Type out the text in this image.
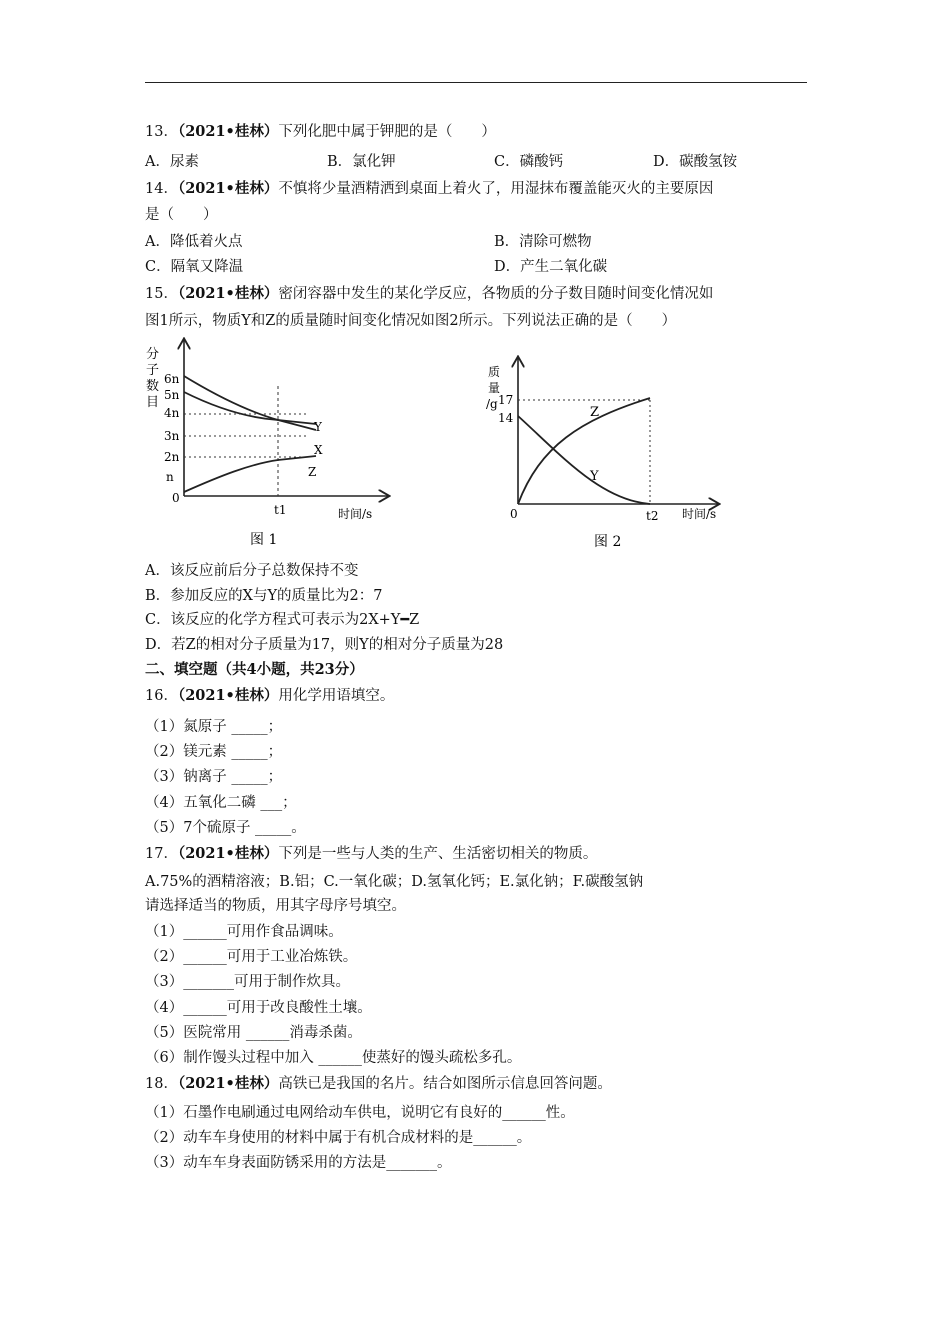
13．（2021•桂林）下列化肥中属于钾肥的是（　　）
A．尿素	B．氯化钾	C．磷酸钙	D．碳酸氢铵
14．（2021•桂林）不慎将少量酒精洒到桌面上着火了，用湿抹布覆盖能灭火的主要原因
是（　　）
A．降低着火点	B．清除可燃物
C．隔氧又降温	D．产生二氧化碳
15．（2021•桂林）密闭容器中发生的某化学反应，各物质的分子数目随时间变化情况如
图1所示，物质Y和Z的质量随时间变化情况如图2所示。下列说法正确的是（　　）
分
子
数
目
6n
5n
4n
3n
2n
n
0
Y
X
Z
t1	时间/s
图 1
质
量
/g 17
14
0
Z
Y
t2 时间/s
图 2
A．该反应前后分子总数保持不变
B．参加反应的X与Y的质量比为2：7
C．该反应的化学方程式可表示为2X+Y━Z
D．若Z的相对分子质量为17，则Y的相对分子质量为28
二、填空题（共4小题，共23分）
16．（2021•桂林）用化学用语填空。
（1）氮原子 _____；
（2）镁元素 _____；
（3）钠离子 _____；
（4）五氧化二磷 ___；
（5）7个硫原子 _____。
17．（2021•桂林）下列是一些与人类的生产、生活密切相关的物质。
A.75%的酒精溶液；B.铝；C.一氧化碳；D.氢氧化钙；E.氯化钠；F.碳酸氢钠
请选择适当的物质，用其字母序号填空。
（1）______可用作食品调味。
（2）______可用于工业冶炼铁。
（3）_______可用于制作炊具。
（4）______可用于改良酸性土壤。
（5）医院常用 ______消毒杀菌。
（6）制作馒头过程中加入 ______使蒸好的馒头疏松多孔。
18．（2021•桂林）高铁已是我国的名片。结合如图所示信息回答问题。
（1）石墨作电刷通过电网给动车供电，说明它有良好的______性。
（2）动车车身使用的材料中属于有机合成材料的是______。
（3）动车车身表面防锈采用的方法是_______。
